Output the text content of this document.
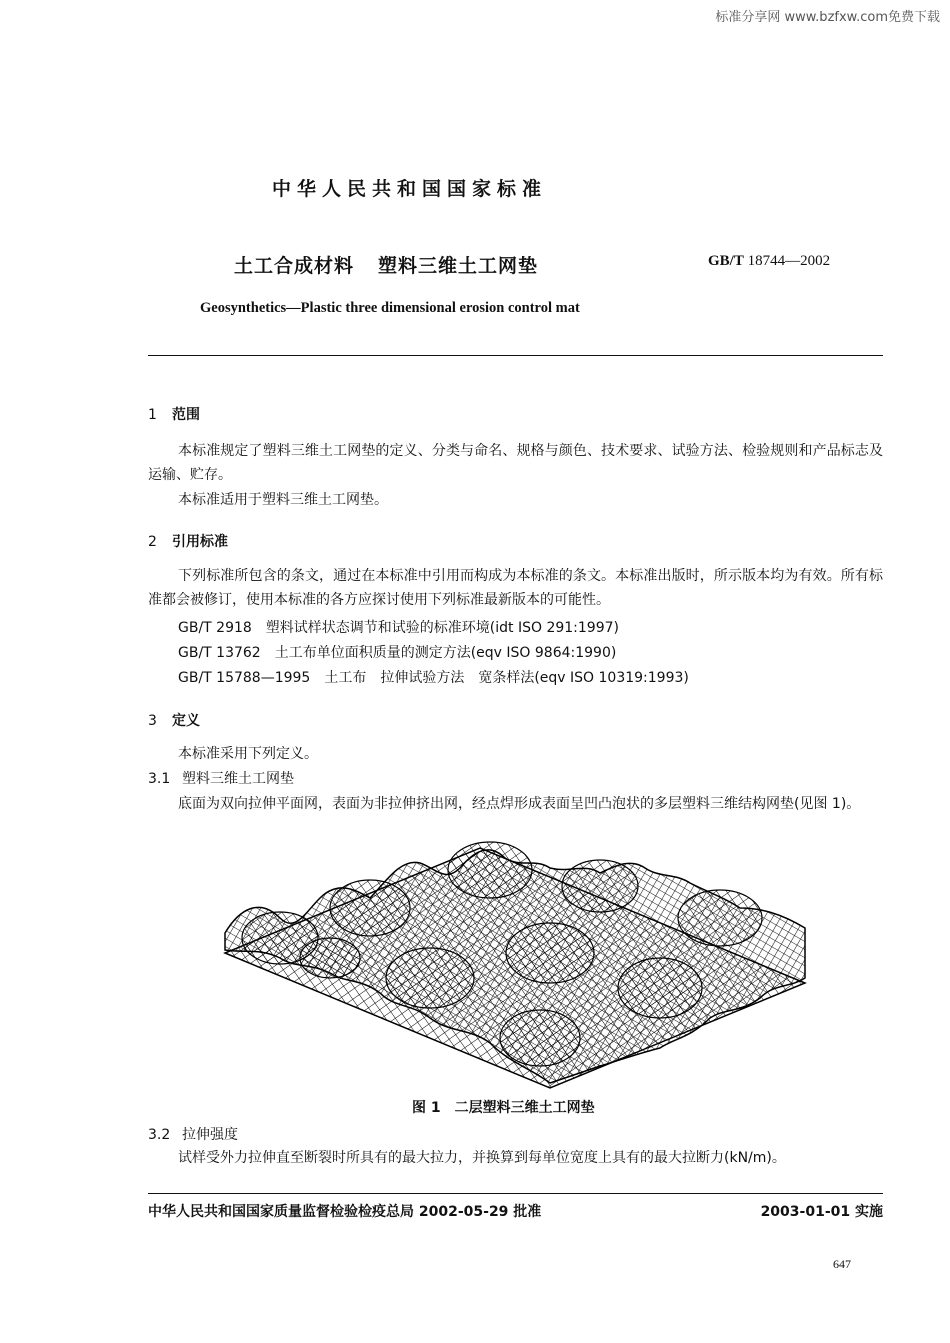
标准分享网 www.bzfxw.com免费下载
中华人民共和国国家标准
土工合成材料 塑料三维土工网垫	GB/T 18744—2002
Geosynthetics—Plastic three dimensional erosion control mat
1 范围
本标准规定了塑料三维土工网垫的定义、分类与命名、规格与颜色、技术要求、试验方法、检验规则和产品标志及运输、贮存。
本标准适用于塑料三维土工网垫。
2 引用标准
下列标准所包含的条文，通过在本标准中引用而构成为本标准的条文。本标准出版时，所示版本均为有效。所有标准都会被修订，使用本标准的各方应探讨使用下列标准最新版本的可能性。
GB/T 2918　塑料试样状态调节和试验的标准环境(idt ISO 291:1997)
GB/T 13762　土工布单位面积质量的测定方法(eqv ISO 9864:1990)
GB/T 15788—1995　土工布　拉伸试验方法　宽条样法(eqv ISO 10319:1993)
3 定义
本标准采用下列定义。
3.1 塑料三维土工网垫
底面为双向拉伸平面网，表面为非拉伸挤出网，经点焊形成表面呈凹凸泡状的多层塑料三维结构网垫(见图 1)。
图 1　二层塑料三维土工网垫
3.2 拉伸强度
试样受外力拉伸直至断裂时所具有的最大拉力，并换算到每单位宽度上具有的最大拉断力(kN/m)。
中华人民共和国国家质量监督检验检疫总局 2002-05-29 批准	2003-01-01 实施
647
